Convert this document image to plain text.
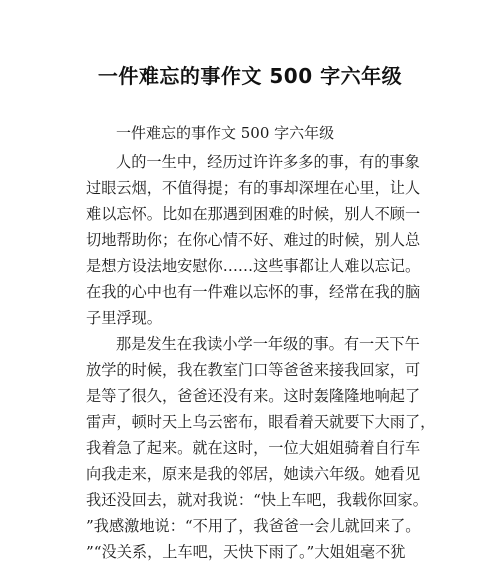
一件难忘的事作文 500 字六年级
一件难忘的事作文 500 字六年级
人的一生中，经历过许许多多的事，有的事象
过眼云烟，不值得提；有的事却深埋在心里，让人
难以忘怀。比如在那遇到困难的时候，别人不顾一
切地帮助你；在你心情不好、难过的时候，别人总
是想方设法地安慰你……这些事都让人难以忘记。
在我的心中也有一件难以忘怀的事，经常在我的脑
子里浮现。
那是发生在我读小学一年级的事。有一天下午
放学的时候，我在教室门口等爸爸来接我回家，可
是等了很久，爸爸还没有来。这时轰隆隆地响起了
雷声，顿时天上乌云密布，眼看着天就要下大雨了，
我着急了起来。就在这时，一位大姐姐骑着自行车
向我走来，原来是我的邻居，她读六年级。她看见
我还没回去，就对我说：“快上车吧，我载你回家。
”我感激地说：“不用了，我爸爸一会儿就回来了。
”“没关系，上车吧，天快下雨了。”大姐姐毫不犹
